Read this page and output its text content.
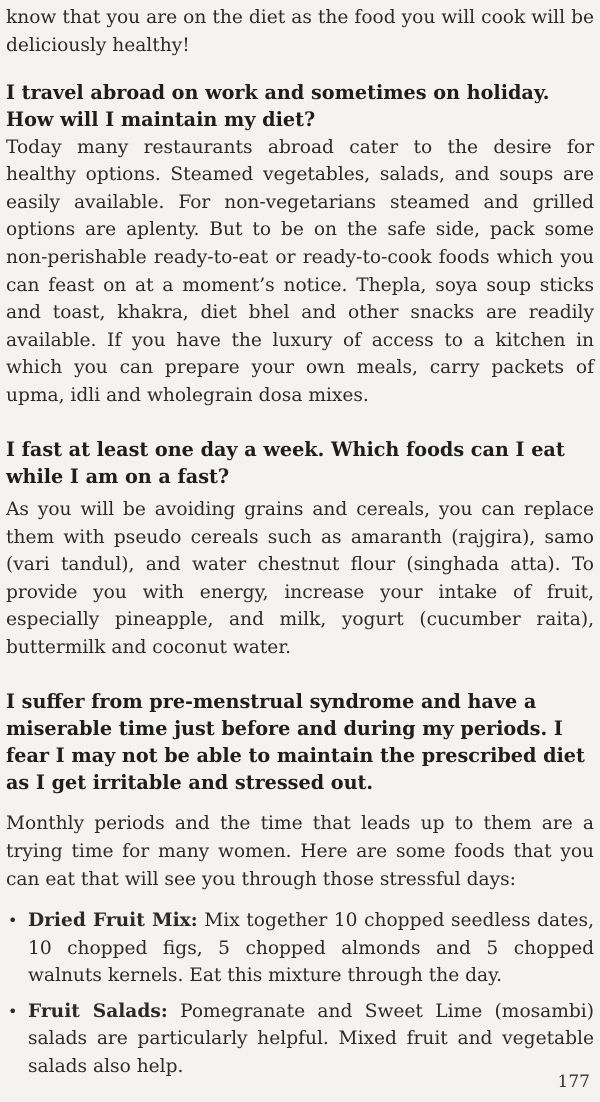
know that you are on the diet as the food you will cook will be deliciously healthy!

I travel abroad on work and sometimes on holiday. How will I maintain my diet?

Today many restaurants abroad cater to the desire for healthy options. Steamed vegetables, salads, and soups are easily available. For non-vegetarians steamed and grilled options are aplenty. But to be on the safe side, pack some non-perishable ready-to-eat or ready-to-cook foods which you can feast on at a moment’s notice. Thepla, soya soup sticks and toast, khakra, diet bhel and other snacks are readily available. If you have the luxury of access to a kitchen in which you can prepare your own meals, carry packets of upma, idli and wholegrain dosa mixes.

I fast at least one day a week. Which foods can I eat while I am on a fast?

As you will be avoiding grains and cereals, you can replace them with pseudo cereals such as amaranth (rajgira), samo (vari tandul), and water chestnut flour (singhada atta). To provide you with energy, increase your intake of fruit, especially pineapple, and milk, yogurt (cucumber raita), buttermilk and coconut water.

I suffer from pre-menstrual syndrome and have a miserable time just before and during my periods. I fear I may not be able to maintain the prescribed diet as I get irritable and stressed out.

Monthly periods and the time that leads up to them are a trying time for many women. Here are some foods that you can eat that will see you through those stressful days:

• Dried Fruit Mix: Mix together 10 chopped seedless dates, 10 chopped figs, 5 chopped almonds and 5 chopped walnuts kernels. Eat this mixture through the day.
• Fruit Salads: Pomegranate and Sweet Lime (mosambi) salads are particularly helpful. Mixed fruit and vegetable salads also help.
177
